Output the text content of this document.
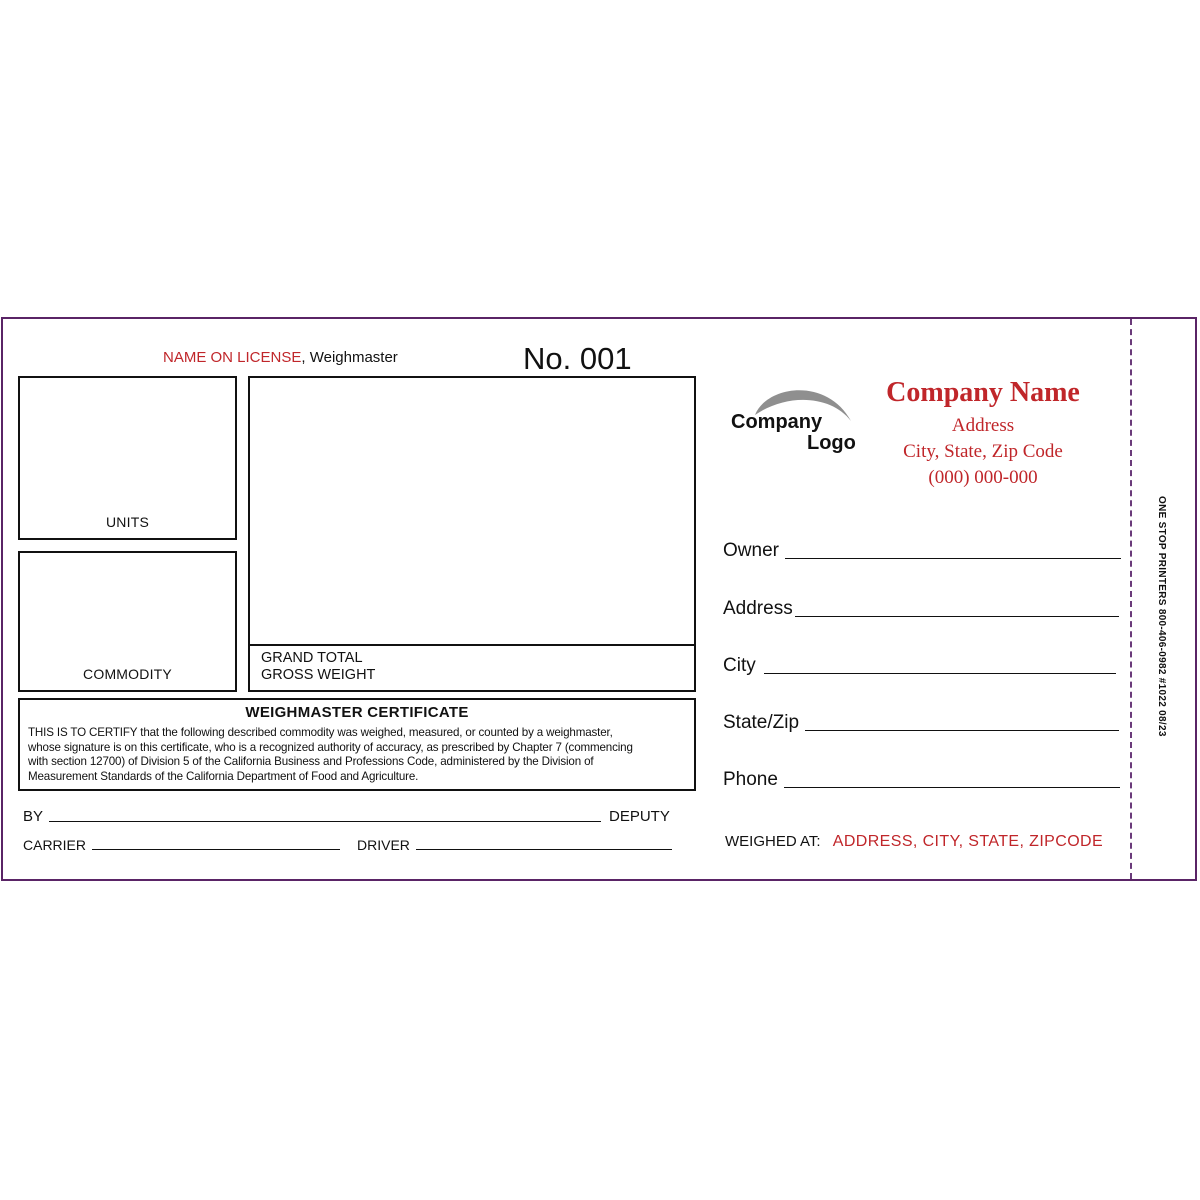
NAME ON LICENSE, Weighmaster	No. 001
UNITS
COMMODITY
GRAND TOTAL
GROSS WEIGHT
WEIGHMASTER CERTIFICATE
THIS IS TO CERTIFY that the following described commodity was weighed, measured, or counted by a weighmaster,
whose signature is on this certificate, who is a recognized authority of accuracy, as prescribed by Chapter 7 (commencing
with section 12700) of Division 5 of the California Business and Professions Code, administered by the Division of
Measurement Standards of the California Department of Food and Agriculture.
BY	DEPUTY
CARRIER	DRIVER
Company
Logo
Company Name
Address
City, State, Zip Code
(000) 000-000
Owner
Address
City
State/Zip
Phone
WEIGHED AT: ADDRESS, CITY, STATE, ZIPCODE
ONE STOP PRINTERS 800-406-0982 #1022 08/23
